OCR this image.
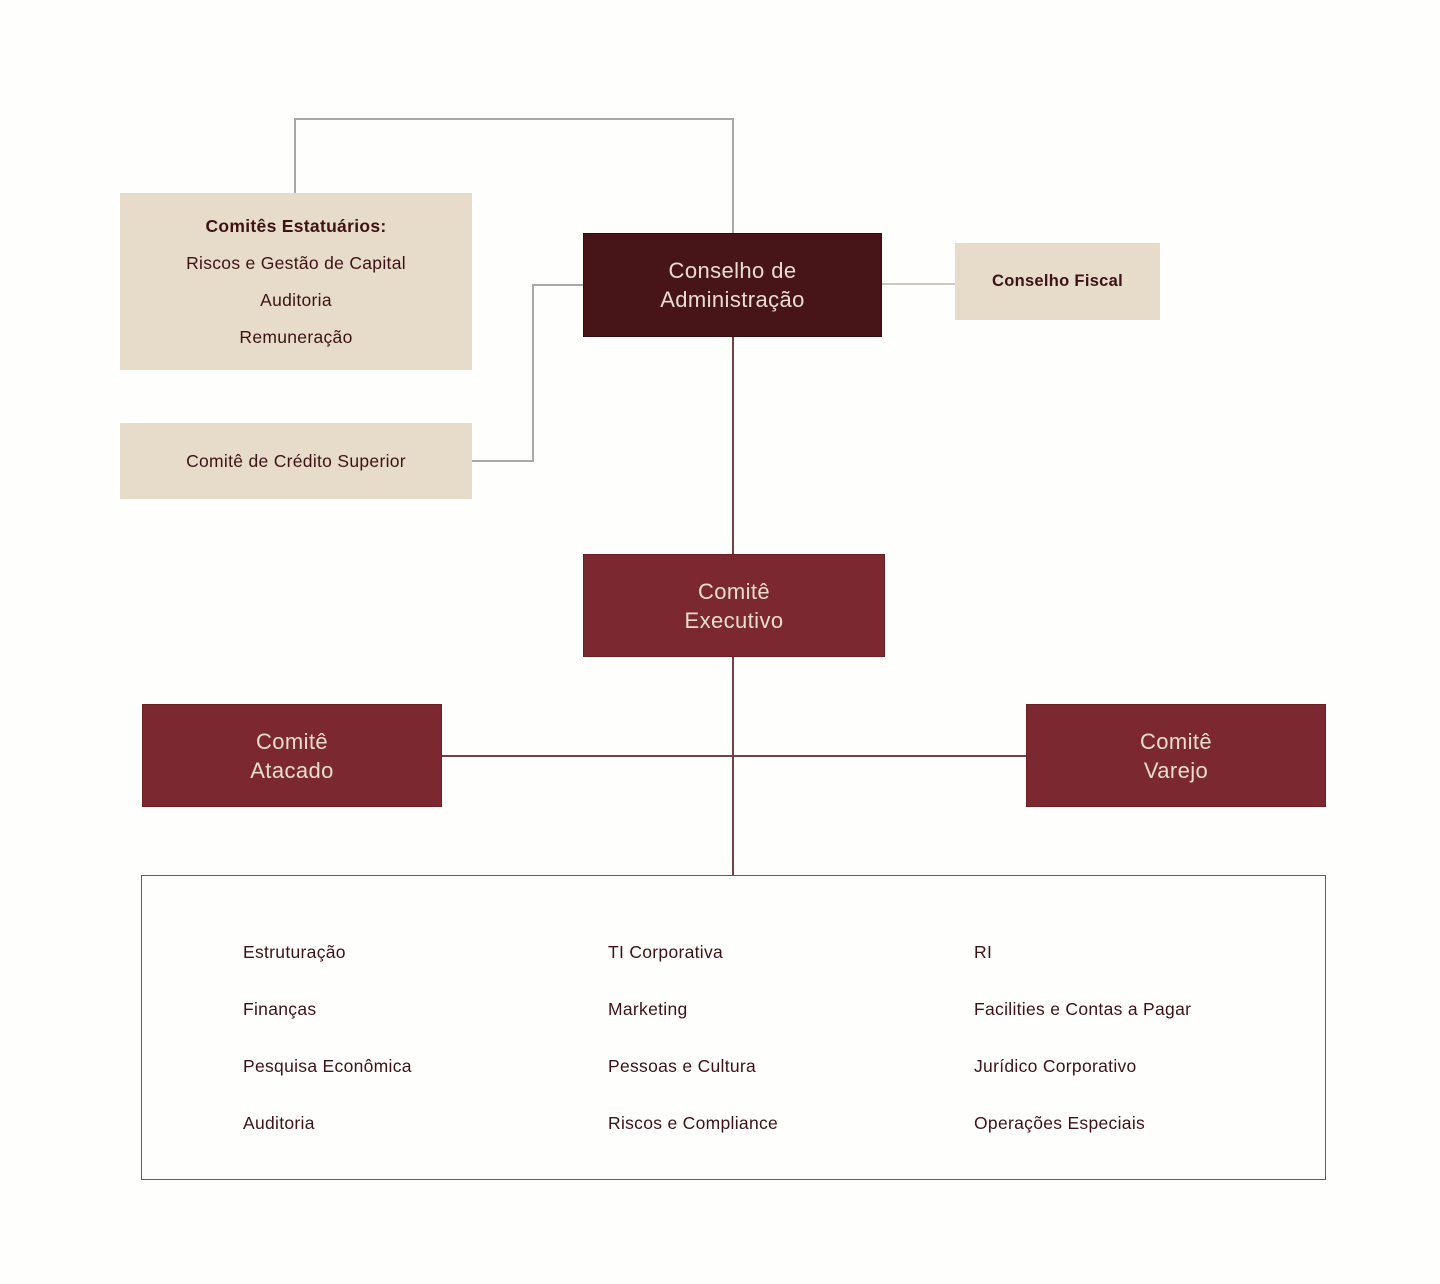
Comitês Estatuários:
Riscos e Gestão de Capital
Auditoria
Remuneração
Conselho de
Administração
Conselho Fiscal
Comitê de Crédito Superior
Comitê
Executivo
Comitê
Atacado
Comitê
Varejo
Estruturação
Finanças
Pesquisa Econômica
Auditoria
TI Corporativa
Marketing
Pessoas e Cultura
Riscos e Compliance
RI
Facilities e Contas a Pagar
Jurídico Corporativo
Operações Especiais
